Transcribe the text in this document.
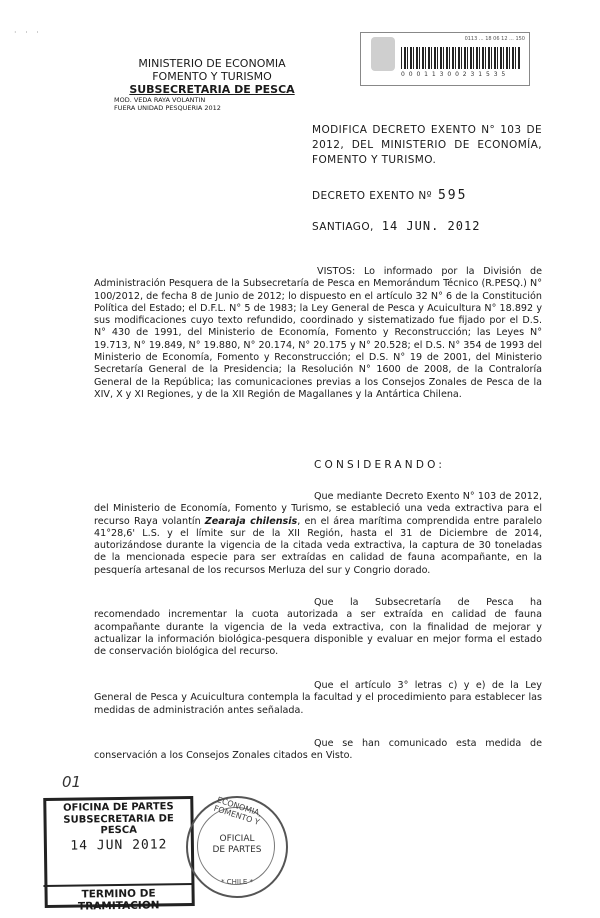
· · ·
MINISTERIO DE ECONOMIA
FOMENTO Y TURISMO
SUBSECRETARIA DE PESCA
MOD. VEDA RAYA VOLANTIN
FUERA UNIDAD PESQUERIA 2012
0113 ... 18 06 12 ... 150
0 0 0 1 1 3 0 0 2 3 1 5 3 5
MODIFICA DECRETO EXENTO N° 103 DE 2012, DEL MINISTERIO DE ECONOMÍA, FOMENTO Y TURISMO.
DECRETO EXENTO Nº 595
SANTIAGO, 14 JUN. 2012
VISTOS: Lo informado por la División de Administración Pesquera de la Subsecretaría de Pesca en Memorándum Técnico (R.PESQ.) N° 100/2012, de fecha 8 de Junio de 2012; lo dispuesto en el artículo 32 N° 6 de la Constitución Política del Estado; el D.F.L. N° 5 de 1983; la Ley General de Pesca y Acuicultura N° 18.892 y sus modificaciones cuyo texto refundido, coordinado y sistematizado fue fijado por el D.S. N° 430 de 1991, del Ministerio de Economía, Fomento y Reconstrucción; las Leyes N° 19.713, N° 19.849, N° 19.880, N° 20.174, N° 20.175 y N° 20.528; el D.S. N° 354 de 1993 del Ministerio de Economía, Fomento y Reconstrucción; el D.S. N° 19 de 2001, del Ministerio Secretaría General de la Presidencia; la Resolución N° 1600 de 2008, de la Contraloría General de la República; las comunicaciones previas a los Consejos Zonales de Pesca de la XIV, X y XI Regiones, y de la XII Región de Magallanes y la Antártica Chilena.
CONSIDERANDO:
Que mediante Decreto Exento N° 103 de 2012, del Ministerio de Economía, Fomento y Turismo, se estableció una veda extractiva para el recurso Raya volantín Zearaja chilensis, en el área marítima comprendida entre paralelo 41°28,6' L.S. y el límite sur de la XII Región, hasta el 31 de Diciembre de 2014, autorizándose durante la vigencia de la citada veda extractiva, la captura de 30 toneladas de la mencionada especie para ser extraídas en calidad de fauna acompañante, en la pesquería artesanal de los recursos Merluza del sur y Congrio dorado.
Que la Subsecretaría de Pesca ha recomendado incrementar la cuota autorizada a ser extraída en calidad de fauna acompañante durante la vigencia de la veda extractiva, con la finalidad de mejorar y actualizar la información biológica-pesquera disponible y evaluar en mejor forma el estado de conservación biológica del recurso.
Que el artículo 3° letras c) y e) de la Ley General de Pesca y Acuicultura contempla la facultad y el procedimiento para establecer las medidas de administración antes señalada.
Que se han comunicado esta medida de conservación a los Consejos Zonales citados en Visto.
01
OFICINA DE PARTES
SUBSECRETARIA DE PESCA
14 JUN 2012
TERMINO DE TRAMITACION
ECONOMIA, FOMENTO Y
OFICIAL
DE PARTES
* CHILE *
